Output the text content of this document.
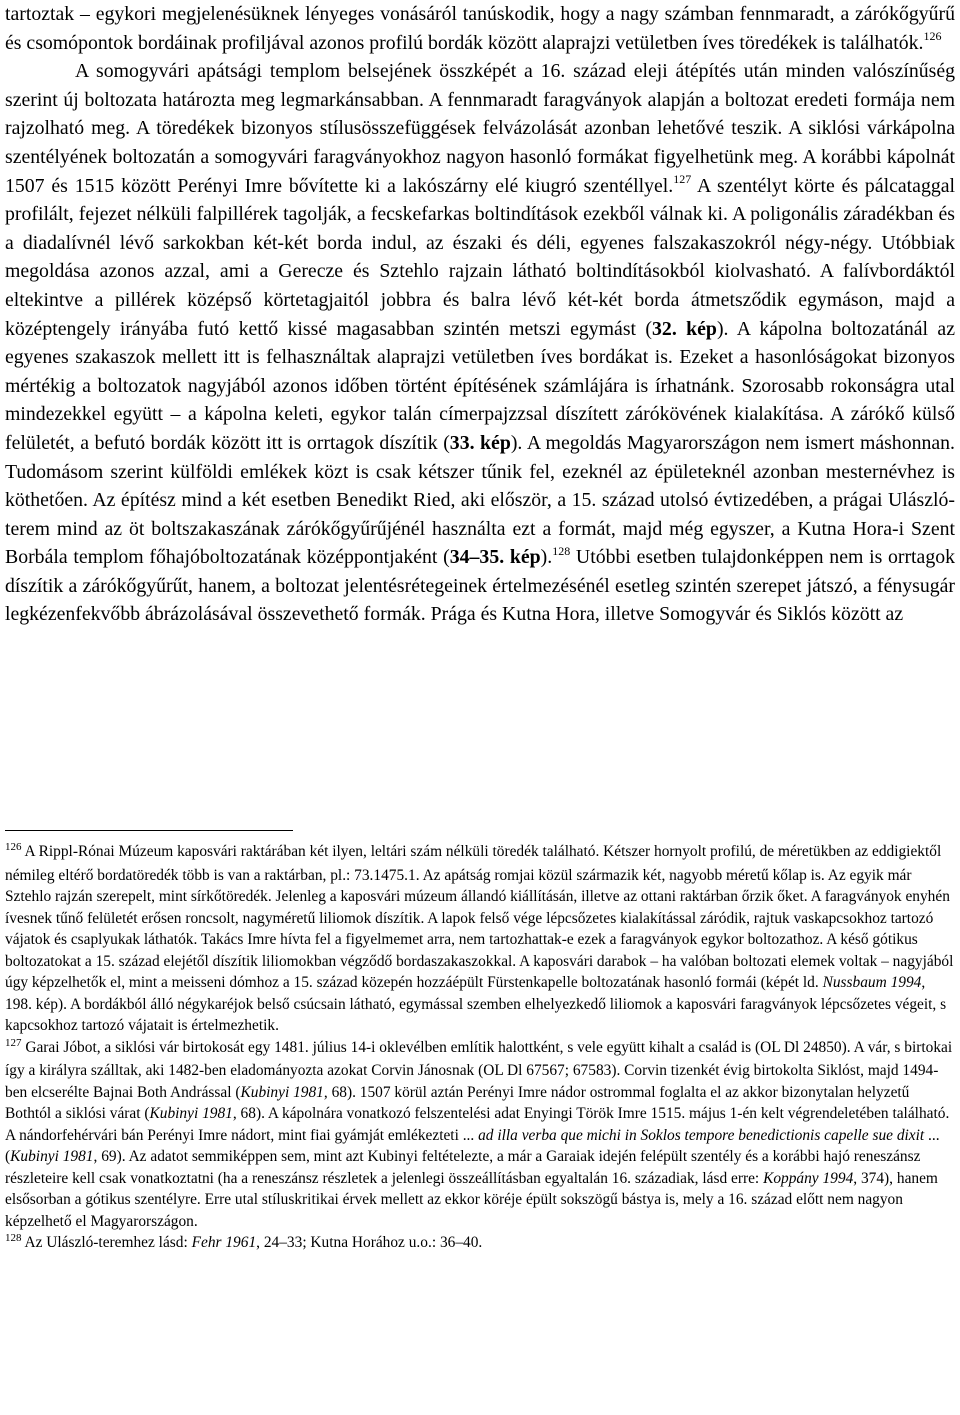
tartoztak – egykori megjelenésüknek lényeges vonásáról tanúskodik, hogy a nagy számban fennmaradt, a zárókőgyűrű és csomópontok bordáinak profiljával azonos profilú bordák között alaprajzi vetületben íves töredékek is találhatók.$^{126}$

A somogyvári apátsági templom belsejének összképét a 16. század eleji átépítés után minden valószínűség szerint új boltozata határozta meg legmarkánsabban. A fennmaradt faragványok alapján a boltozat eredeti formája nem rajzolható meg. A töredékek bizonyos stílusösszefüggések felvázolását azonban lehetővé teszik. A siklósi várkápolna szentélyének boltozatán a somogyvári faragványokhoz nagyon hasonló formákat figyelhetünk meg. A korábbi kápolnát 1507 és 1515 között Perényi Imre bővítette ki a lakószárny elé kiugró szentéllyel.$^{127}$ A szentélyt körte és pálcataggal profilált, fejezet nélküli falpillérek tagolják, a fecskefarkas boltindítások ezekből válnak ki. A poligonális záradékban és a diadalívnél lévő sarkokban két-két borda indul, az északi és déli, egyenes falszakaszokról négy-négy. Utóbbiak megoldása azonos azzal, ami a Gerecze és Sztehlo rajzain látható boltindításokból kiolvasható. A falívbordáktól eltekintve a pillérek középső körtetagjaitól jobbra és balra lévő két-két borda átmetsződik egymáson, majd a középtengely irányába futó kettő kissé magasabban szintén metszi egymást (32. kép). A kápolna boltozatánál az egyenes szakaszok mellett itt is felhasználtak alaprajzi vetületben íves bordákat is. Ezeket a hasonlóságokat bizonyos mértékig a boltozatok nagyjából azonos időben történt építésének számlájára is írhatnánk. Szorosabb rokonságra utal mindezekkel együtt – a kápolna keleti, egykor talán címerpajzzsal díszített zárókövének kialakítása. A zárókő külső felületét, a befutó bordák között itt is orrtagok díszítik (33. kép). A megoldás Magyarországon nem ismert máshonnan. Tudomásom szerint külföldi emlékek közt is csak kétszer tűnik fel, ezeknél az épületeknél azonban mesternévhez is köthetően. Az építész mind a két esetben Benedikt Ried, aki először, a 15. század utolsó évtizedében, a prágai Ulászló-terem mind az öt boltszakaszának zárókőgyűrűjénél használta ezt a formát, majd még egyszer, a Kutna Hora-i Szent Borbála templom főhajóboltozatának középpontjaként (34–35. kép).$^{128}$ Utóbbi esetben tulajdonképpen nem is orrtagok díszítik a zárókőgyűrűt, hanem, a boltozat jelentésrétegeinek értelmezésénél esetleg szintén szerepet játszó, a fénysugár legkézenfekvőbb ábrázolásával összevethető formák. Prága és Kutna Hora, illetve Somogyvár és Siklós között az

$^{126}$ A Rippl-Rónai Múzeum kaposvári raktárában két ilyen, leltári szám nélküli töredék található. Kétszer hornyolt profilú, de méretükben az eddigiektől némileg eltérő bordatöredék több is van a raktárban, pl.: 73.1475.1. Az apátság romjai közül származik két, nagyobb méretű kőlap is. Az egyik már Sztehlo rajzán szerepelt, mint sírkőtöredék. Jelenleg a kaposvári múzeum állandó kiállításán, illetve az ottani raktárban őrzik őket. A faragványok enyhén ívesnek tűnő felületét erősen roncsolt, nagyméretű liliomok díszítik. A lapok felső vége lépcsőzetes kialakítással záródik, rajtuk vaskapcsokhoz tartozó vájatok és csaplyukak láthatók. Takács Imre hívta fel a figyelmemet arra, nem tartozhattak-e ezek a faragványok egykor boltozathoz. A késő gótikus boltozatokat a 15. század elejétől díszítik liliomokban végződő bordaszakaszokkal. A kaposvári darabok – ha valóban boltozati elemek voltak – nagyjából úgy képzelhetők el, mint a meisseni dómhoz a 15. század közepén hozzáépült Fürstenkapelle boltozatának hasonló formái (képét ld. Nussbaum 1994, 198. kép). A bordákból álló négykaréjok belső csúcsain látható, egymással szemben elhelyezkedő liliomok a kaposvári faragványok lépcsőzetes végeit, s kapcsokhoz tartozó vájatait is értelmezhetik.

$^{127}$ Garai Jóbot, a siklósi vár birtokosát egy 1481. július 14-i oklevélben említik halottként, s vele együtt kihalt a család is (OL Dl 24850). A vár, s birtokai így a királyra szálltak, aki 1482-ben eladományozta azokat Corvin Jánosnak (OL Dl 67567; 67583). Corvin tizenkét évig birtokolta Siklóst, majd 1494-ben elcserélte Bajnai Both Andrással (Kubinyi 1981, 68). 1507 körül aztán Perényi Imre nádor ostrommal foglalta el az akkor bizonytalan helyzetű Bothtól a siklósi várat (Kubinyi 1981, 68). A kápolnára vonatkozó felszentelési adat Enyingi Török Imre 1515. május 1-én kelt végrendeletében található. A nándorfehérvári bán Perényi Imre nádort, mint fiai gyámját emlékezteti ... ad illa verba que michi in Soklos tempore benedictionis capelle sue dixit ... (Kubinyi 1981, 69). Az adatot semmiképpen sem, mint azt Kubinyi feltételezte, a már a Garaiak idején felépült szentély és a korábbi hajó reneszánsz részleteire kell csak vonatkoztatni (ha a reneszánsz részletek a jelenlegi összeállításban egyaltalán 16. századiak, lásd erre: Koppány 1994, 374), hanem elsősorban a gótikus szentélyre. Erre utal stíluskritikai érvek mellett az ekkor köréje épült sokszögű bástya is, mely a 16. század előtt nem nagyon képzelhető el Magyarországon.

$^{128}$ Az Ulászló-teremhez lásd: Fehr 1961, 24–33; Kutna Horához u.o.: 36–40.
